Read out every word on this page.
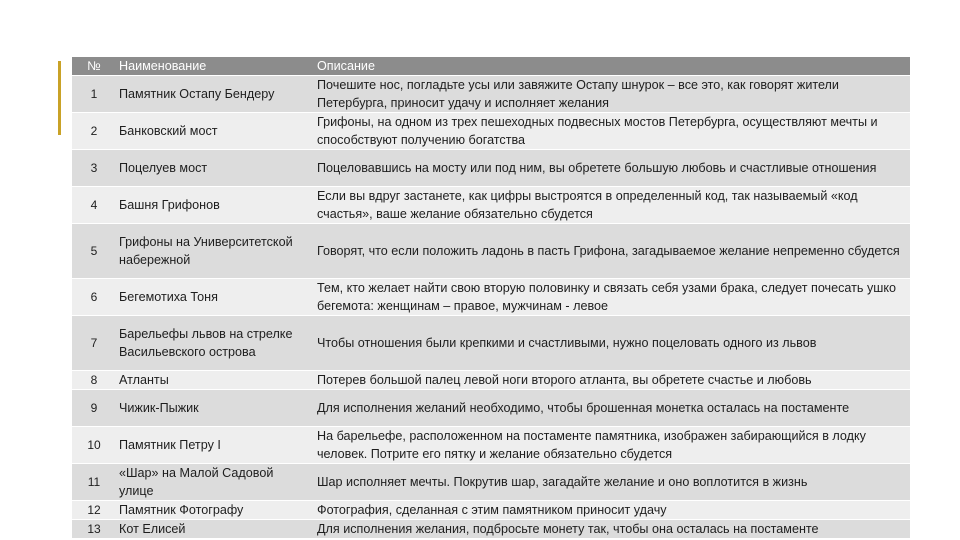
№	Наименование	Описание
1	Памятник Остапу Бендеру	Почешите нос, погладьте усы или завяжите Остапу шнурок – все это, как говорят жители Петербурга, приносит удачу и исполняет желания
2	Банковский мост	Грифоны, на одном из трех пешеходных подвесных мостов Петербурга, осуществляют мечты и способствуют получению богатства
3	Поцелуев мост	Поцеловавшись на мосту или под ним, вы обретете большую любовь и счастливые отношения
4	Башня Грифонов	Если вы вдруг застанете, как цифры выстроятся в определенный код, так называемый «код счастья», ваше желание обязательно сбудется
5	Грифоны на Университетской набережной	Говорят, что если положить ладонь в пасть Грифона, загадываемое желание непременно сбудется
6	Бегемотиха Тоня	Тем, кто желает найти свою вторую половинку и связать себя узами брака, следует почесать ушко бегемота: женщинам – правое, мужчинам - левое
7	Барельефы львов на стрелке Васильевского острова	Чтобы отношения были крепкими и счастливыми, нужно поцеловать одного из львов
8	Атланты	Потерев большой палец левой ноги второго атланта, вы обретете счастье и любовь
9	Чижик-Пыжик	Для исполнения желаний необходимо, чтобы брошенная монетка осталась на постаменте
10	Памятник Петру I	На барельефе, расположенном на постаменте памятника, изображен забирающийся в лодку человек. Потрите его пятку и желание обязательно сбудется
11	«Шар» на Малой Садовой улице	Шар исполняет мечты. Покрутив шар, загадайте желание и оно воплотится в жизнь
12	Памятник Фотографу	Фотография, сделанная с этим памятником приносит удачу
13	Кот Елисей	Для исполнения желания, подбросьте монету так, чтобы она осталась на постаменте
